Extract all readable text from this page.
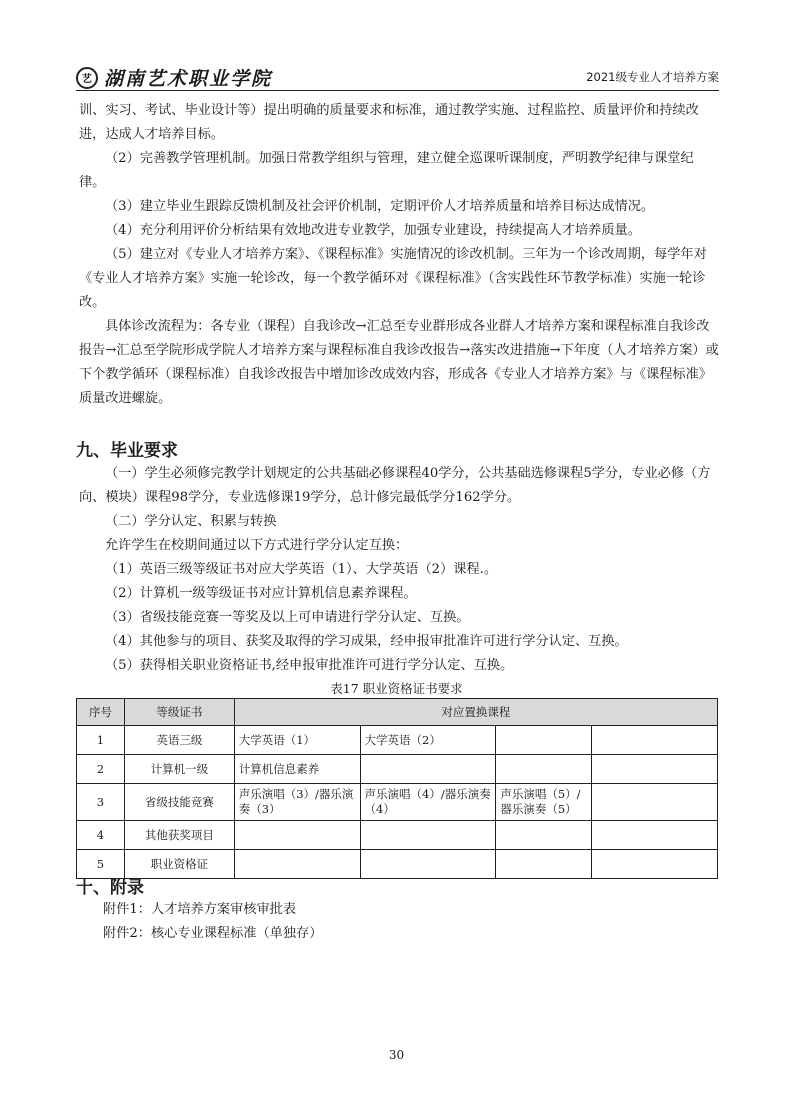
艺 湖南艺术职业学院	2021级专业人才培养方案

训、实习、考试、毕业设计等）提出明确的质量要求和标准，通过教学实施、过程监控、质量评价和持续改进，达成人才培养目标。

（2）完善教学管理机制。加强日常教学组织与管理，建立健全巡课听课制度，严明教学纪律与课堂纪律。

（3）建立毕业生跟踪反馈机制及社会评价机制，定期评价人才培养质量和培养目标达成情况。

（4）充分利用评价分析结果有效地改进专业教学，加强专业建设，持续提高人才培养质量。

（5）建立对《专业人才培养方案》、《课程标准》实施情况的诊改机制。三年为一个诊改周期，每学年对《专业人才培养方案》实施一轮诊改，每一个教学循环对《课程标准》（含实践性环节教学标准）实施一轮诊改。

具体诊改流程为：各专业（课程）自我诊改→汇总至专业群形成各业群人才培养方案和课程标准自我诊改报告→汇总至学院形成学院人才培养方案与课程标准自我诊改报告→落实改进措施→下年度（人才培养方案）或下个教学循环（课程标准）自我诊改报告中增加诊改成效内容，形成各《专业人才培养方案》与《课程标准》质量改进螺旋。

九、毕业要求

（一）学生必须修完教学计划规定的公共基础必修课程40学分，公共基础选修课程5学分，专业必修（方向、模块）课程98学分，专业选修课19学分，总计修完最低学分162学分。

（二）学分认定、积累与转换

允许学生在校期间通过以下方式进行学分认定互换：

（1）英语三级等级证书对应大学英语（1）、大学英语（2）课程.。

（2）计算机一级等级证书对应计算机信息素养课程。

（3）省级技能竞赛一等奖及以上可申请进行学分认定、互换。

（4）其他参与的项目、获奖及取得的学习成果，经申报审批准许可进行学分认定、互换。

（5）获得相关职业资格证书,经申报审批准许可进行学分认定、互换。

表17 职业资格证书要求
序号	等级证书	对应置换课程			
1	英语三级	大学英语（1）	大学英语（2）		
2	计算机一级	计算机信息素养			
3	省级技能竞赛	声乐演唱（3）/器乐演奏（3）	声乐演唱（4）/器乐演奏（4）	声乐演唱（5）/器乐演奏（5）	
4	其他获奖项目				
5	职业资格证				
十、附录
附件1：人才培养方案审核审批表
附件2：核心专业课程标准（单独存）
30
